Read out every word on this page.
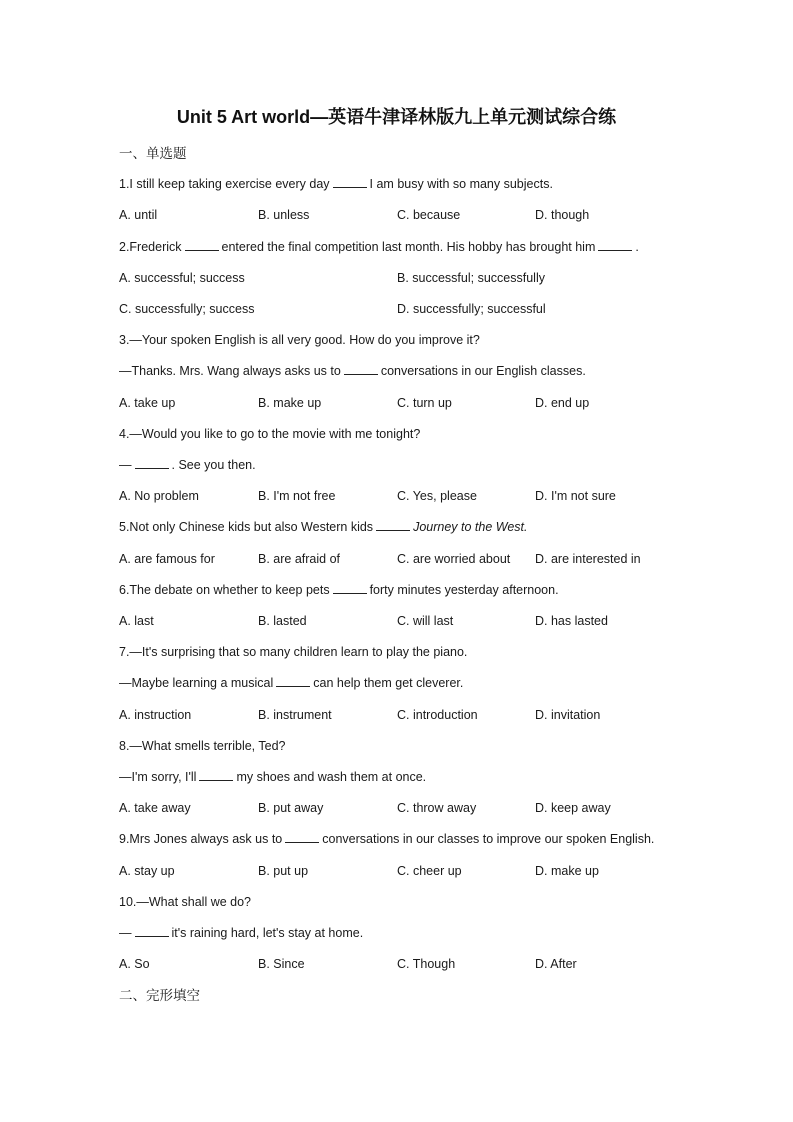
Unit 5 Art world—英语牛津译林版九上单元测试综合练
一、单选题
1.I still keep taking exercise every day	I am busy with so many subjects.
A. until	B. unless	C. because	D. though
2.Frederick	entered the final competition last month. His hobby has brought him	.
A. successful; success	B. successful; successfully
C. successfully; success	D. successfully; successful
3.—Your spoken English is all very good. How do you improve it?
—Thanks. Mrs. Wang always asks us to	conversations in our English classes.
A. take up	B. make up	C. turn up	D. end up
4.—Would you like to go to the movie with me tonight?
—	. See you then.
A. No problem	B. I'm not free	C. Yes, please	D. I'm not sure
5.Not only Chinese kids but also Western kids	Journey to the West.
A. are famous for	B. are afraid of	C. are worried about D. are interested in
6.The debate on whether to keep pets	forty minutes yesterday afternoon.
A. last	B. lasted	C. will last	D. has lasted
7.—It's surprising that so many children learn to play the piano.
—Maybe learning a musical	can help them get cleverer.
A. instruction	B. instrument	C. introduction	D. invitation
8.—What smells terrible, Ted?
—I'm sorry, I'll	my shoes and wash them at once.
A. take away	B. put away	C. throw away	D. keep away
9.Mrs Jones always ask us to	conversations in our classes to improve our spoken English.
A. stay up	B. put up	C. cheer up	D. make up
10.—What shall we do?
—	it's raining hard, let's stay at home.
A. So	B. Since	C. Though	D. After
二、完形填空
